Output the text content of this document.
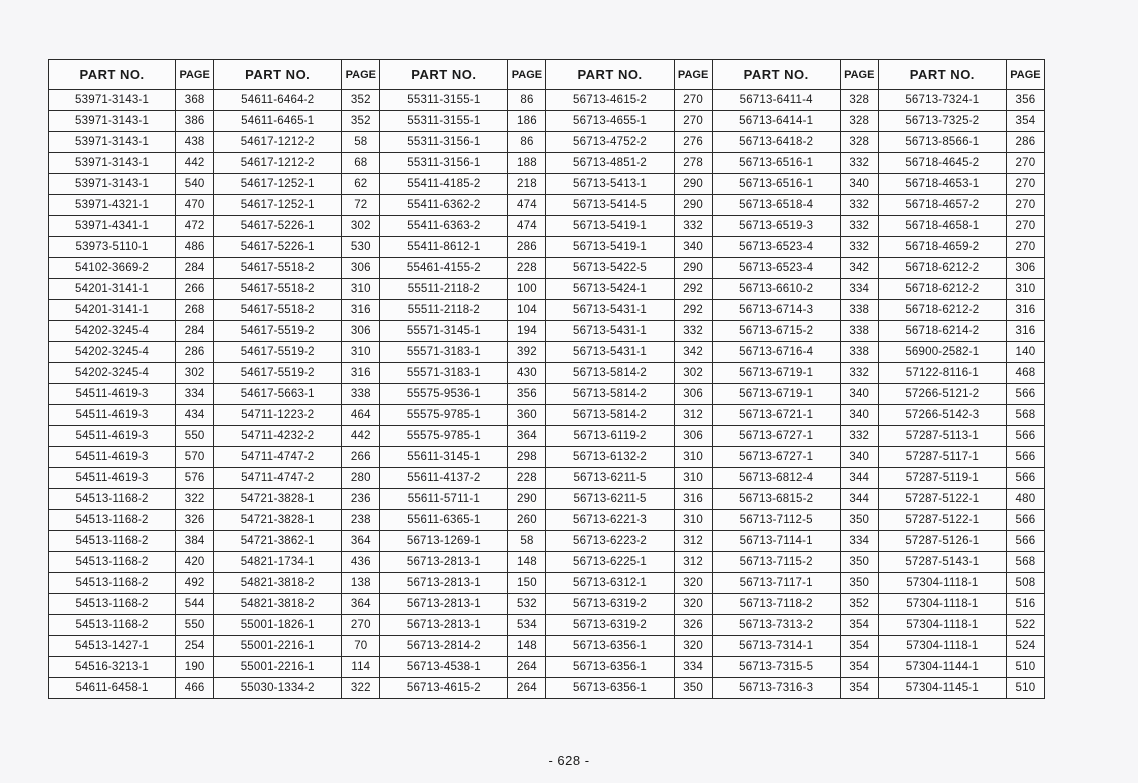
PART NO.	PAGE	PART NO.	PAGE	PART NO.	PAGE	PART NO.	PAGE	PART NO.	PAGE	PART NO.	PAGE
53971-3143-1	368	54611-6464-2	352	55311-3155-1	86	56713-4615-2	270	56713-6411-4	328	56713-7324-1	356
53971-3143-1	386	54611-6465-1	352	55311-3155-1	186	56713-4655-1	270	56713-6414-1	328	56713-7325-2	354
53971-3143-1	438	54617-1212-2	58	55311-3156-1	86	56713-4752-2	276	56713-6418-2	328	56713-8566-1	286
53971-3143-1	442	54617-1212-2	68	55311-3156-1	188	56713-4851-2	278	56713-6516-1	332	56718-4645-2	270
53971-3143-1	540	54617-1252-1	62	55411-4185-2	218	56713-5413-1	290	56713-6516-1	340	56718-4653-1	270
53971-4321-1	470	54617-1252-1	72	55411-6362-2	474	56713-5414-5	290	56713-6518-4	332	56718-4657-2	270
53971-4341-1	472	54617-5226-1	302	55411-6363-2	474	56713-5419-1	332	56713-6519-3	332	56718-4658-1	270
53973-5110-1	486	54617-5226-1	530	55411-8612-1	286	56713-5419-1	340	56713-6523-4	332	56718-4659-2	270
54102-3669-2	284	54617-5518-2	306	55461-4155-2	228	56713-5422-5	290	56713-6523-4	342	56718-6212-2	306
54201-3141-1	266	54617-5518-2	310	55511-2118-2	100	56713-5424-1	292	56713-6610-2	334	56718-6212-2	310
54201-3141-1	268	54617-5518-2	316	55511-2118-2	104	56713-5431-1	292	56713-6714-3	338	56718-6212-2	316
54202-3245-4	284	54617-5519-2	306	55571-3145-1	194	56713-5431-1	332	56713-6715-2	338	56718-6214-2	316
54202-3245-4	286	54617-5519-2	310	55571-3183-1	392	56713-5431-1	342	56713-6716-4	338	56900-2582-1	140
54202-3245-4	302	54617-5519-2	316	55571-3183-1	430	56713-5814-2	302	56713-6719-1	332	57122-8116-1	468
54511-4619-3	334	54617-5663-1	338	55575-9536-1	356	56713-5814-2	306	56713-6719-1	340	57266-5121-2	566
54511-4619-3	434	54711-1223-2	464	55575-9785-1	360	56713-5814-2	312	56713-6721-1	340	57266-5142-3	568
54511-4619-3	550	54711-4232-2	442	55575-9785-1	364	56713-6119-2	306	56713-6727-1	332	57287-5113-1	566
54511-4619-3	570	54711-4747-2	266	55611-3145-1	298	56713-6132-2	310	56713-6727-1	340	57287-5117-1	566
54511-4619-3	576	54711-4747-2	280	55611-4137-2	228	56713-6211-5	310	56713-6812-4	344	57287-5119-1	566
54513-1168-2	322	54721-3828-1	236	55611-5711-1	290	56713-6211-5	316	56713-6815-2	344	57287-5122-1	480
54513-1168-2	326	54721-3828-1	238	55611-6365-1	260	56713-6221-3	310	56713-7112-5	350	57287-5122-1	566
54513-1168-2	384	54721-3862-1	364	56713-1269-1	58	56713-6223-2	312	56713-7114-1	334	57287-5126-1	566
54513-1168-2	420	54821-1734-1	436	56713-2813-1	148	56713-6225-1	312	56713-7115-2	350	57287-5143-1	568
54513-1168-2	492	54821-3818-2	138	56713-2813-1	150	56713-6312-1	320	56713-7117-1	350	57304-1118-1	508
54513-1168-2	544	54821-3818-2	364	56713-2813-1	532	56713-6319-2	320	56713-7118-2	352	57304-1118-1	516
54513-1168-2	550	55001-1826-1	270	56713-2813-1	534	56713-6319-2	326	56713-7313-2	354	57304-1118-1	522
54513-1427-1	254	55001-2216-1	70	56713-2814-2	148	56713-6356-1	320	56713-7314-1	354	57304-1118-1	524
54516-3213-1	190	55001-2216-1	114	56713-4538-1	264	56713-6356-1	334	56713-7315-5	354	57304-1144-1	510
54611-6458-1	466	55030-1334-2	322	56713-4615-2	264	56713-6356-1	350	56713-7316-3	354	57304-1145-1	510
- 628 -
